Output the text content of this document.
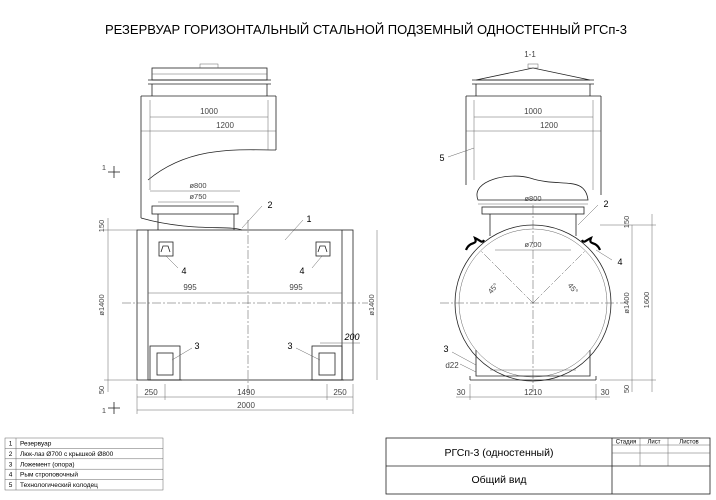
РЕЗЕРВУАР ГОРИЗОНТАЛЬНЫЙ СТАЛЬНОЙ ПОДЗЕМНЫЙ ОДНОСТЕННЫЙ РГСп-3
1000
1200
ø800
ø750
150
ø1400
50
ø1400
995	995
200
250	1490	250
2000
1
1
2
1
4	4
3	3
1-1
1000
1200
ø800
ø700
45°	45°
150
ø1400 1600
50
30	1210	30
5
2
4
3
d22
1 Резервуар
2 Люк-лаз Ø700 с крышкой Ø800
3 Ложемент (опора)
4 Рым строповочный
5 Технологический колодец
РГСп-3 (одностенный)
Общий вид
Стадия Лист	Листов
